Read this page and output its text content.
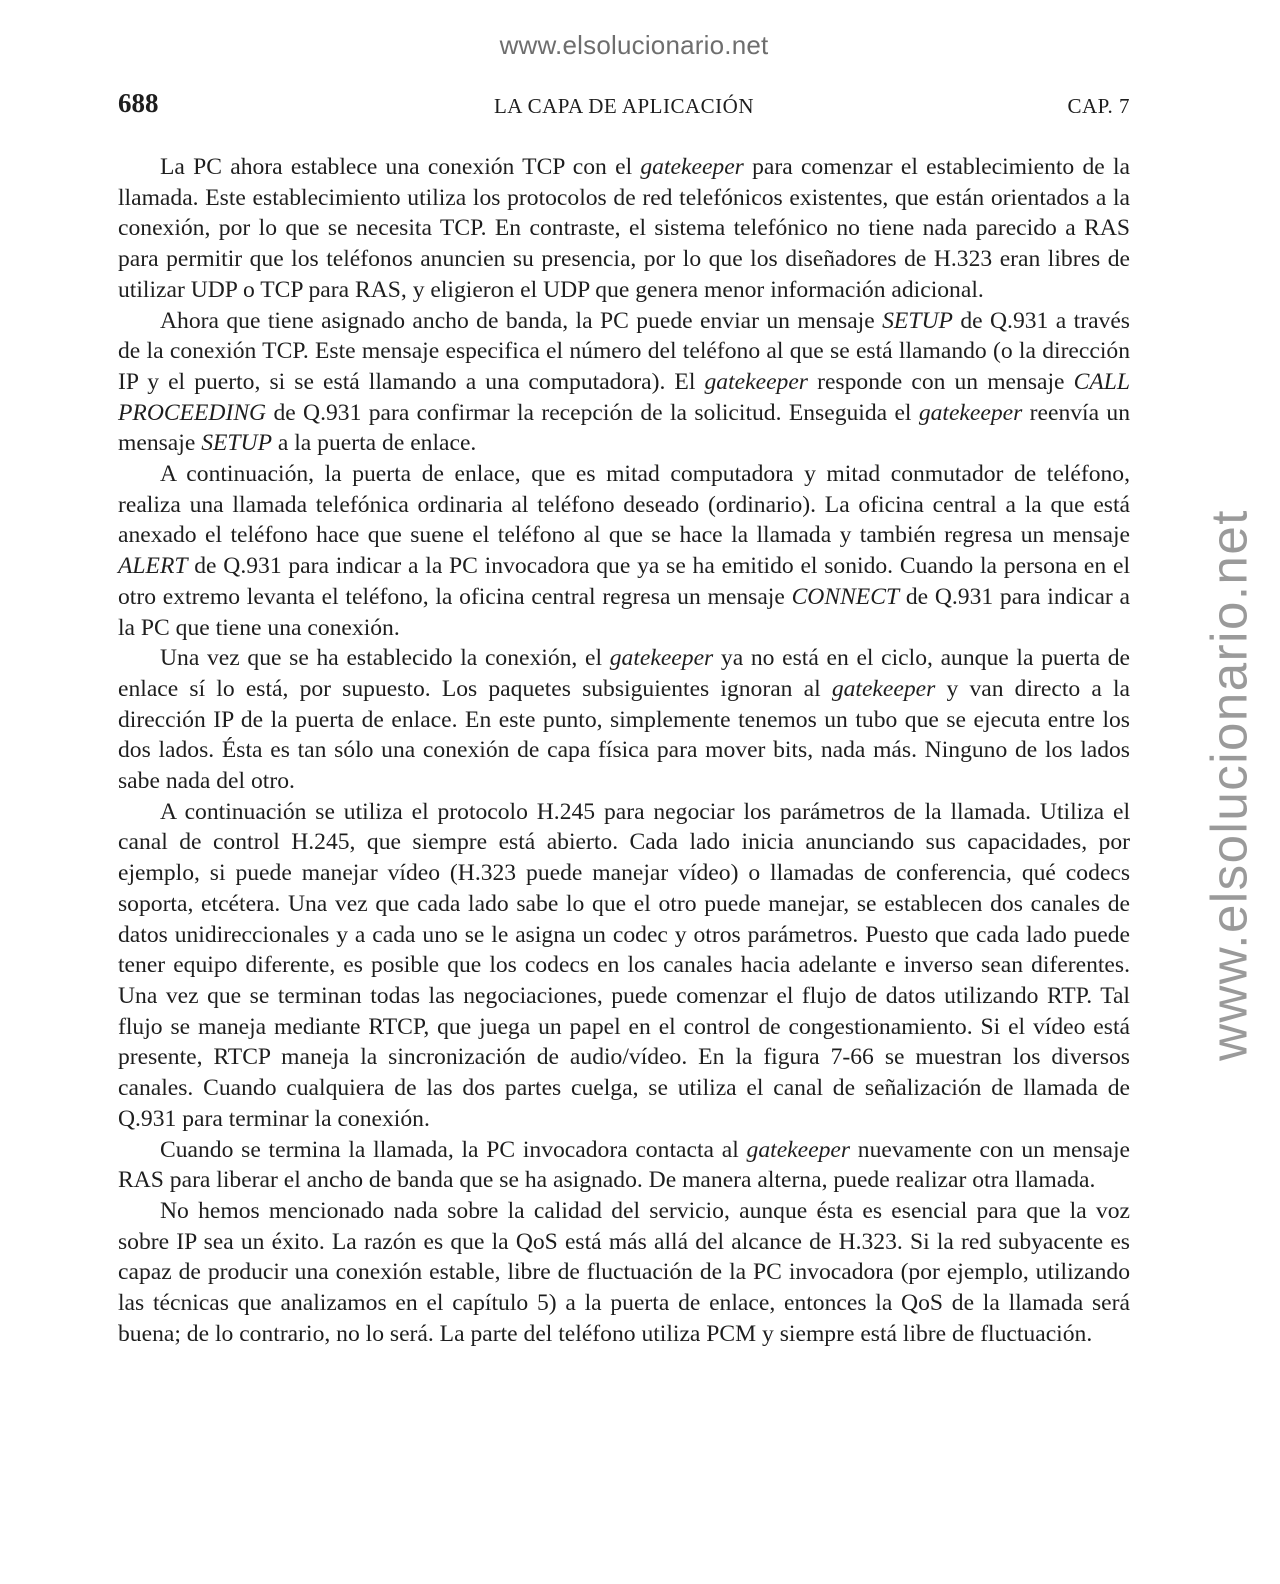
www.elsolucionario.net
www.elsolucionario.net
688	LA CAPA DE APLICACIÓN	CAP. 7

La PC ahora establece una conexión TCP con el gatekeeper para comenzar el establecimiento de la llamada. Este establecimiento utiliza los protocolos de red telefónicos existentes, que están orientados a la conexión, por lo que se necesita TCP. En contraste, el sistema telefónico no tiene nada parecido a RAS para permitir que los teléfonos anuncien su presencia, por lo que los diseñadores de H.323 eran libres de utilizar UDP o TCP para RAS, y eligieron el UDP que genera menor información adicional.

Ahora que tiene asignado ancho de banda, la PC puede enviar un mensaje SETUP de Q.931 a través de la conexión TCP. Este mensaje especifica el número del teléfono al que se está llamando (o la dirección IP y el puerto, si se está llamando a una computadora). El gatekeeper responde con un mensaje CALL PROCEEDING de Q.931 para confirmar la recepción de la solicitud. Enseguida el gatekeeper reenvía un mensaje SETUP a la puerta de enlace.

A continuación, la puerta de enlace, que es mitad computadora y mitad conmutador de teléfono, realiza una llamada telefónica ordinaria al teléfono deseado (ordinario). La oficina central a la que está anexado el teléfono hace que suene el teléfono al que se hace la llamada y también regresa un mensaje ALERT de Q.931 para indicar a la PC invocadora que ya se ha emitido el sonido. Cuando la persona en el otro extremo levanta el teléfono, la oficina central regresa un mensaje CONNECT de Q.931 para indicar a la PC que tiene una conexión.

Una vez que se ha establecido la conexión, el gatekeeper ya no está en el ciclo, aunque la puerta de enlace sí lo está, por supuesto. Los paquetes subsiguientes ignoran al gatekeeper y van directo a la dirección IP de la puerta de enlace. En este punto, simplemente tenemos un tubo que se ejecuta entre los dos lados. Ésta es tan sólo una conexión de capa física para mover bits, nada más. Ninguno de los lados sabe nada del otro.

A continuación se utiliza el protocolo H.245 para negociar los parámetros de la llamada. Utiliza el canal de control H.245, que siempre está abierto. Cada lado inicia anunciando sus capacidades, por ejemplo, si puede manejar vídeo (H.323 puede manejar vídeo) o llamadas de conferencia, qué codecs soporta, etcétera. Una vez que cada lado sabe lo que el otro puede manejar, se establecen dos canales de datos unidireccionales y a cada uno se le asigna un codec y otros parámetros. Puesto que cada lado puede tener equipo diferente, es posible que los codecs en los canales hacia adelante e inverso sean diferentes. Una vez que se terminan todas las negociaciones, puede comenzar el flujo de datos utilizando RTP. Tal flujo se maneja mediante RTCP, que juega un papel en el control de congestionamiento. Si el vídeo está presente, RTCP maneja la sincronización de audio/vídeo. En la figura 7-66 se muestran los diversos canales. Cuando cualquiera de las dos partes cuelga, se utiliza el canal de señalización de llamada de Q.931 para terminar la conexión.

Cuando se termina la llamada, la PC invocadora contacta al gatekeeper nuevamente con un mensaje RAS para liberar el ancho de banda que se ha asignado. De manera alterna, puede realizar otra llamada.

No hemos mencionado nada sobre la calidad del servicio, aunque ésta es esencial para que la voz sobre IP sea un éxito. La razón es que la QoS está más allá del alcance de H.323. Si la red subyacente es capaz de producir una conexión estable, libre de fluctuación de la PC invocadora (por ejemplo, utilizando las técnicas que analizamos en el capítulo 5) a la puerta de enlace, entonces la QoS de la llamada será buena; de lo contrario, no lo será. La parte del teléfono utiliza PCM y siempre está libre de fluctuación.
